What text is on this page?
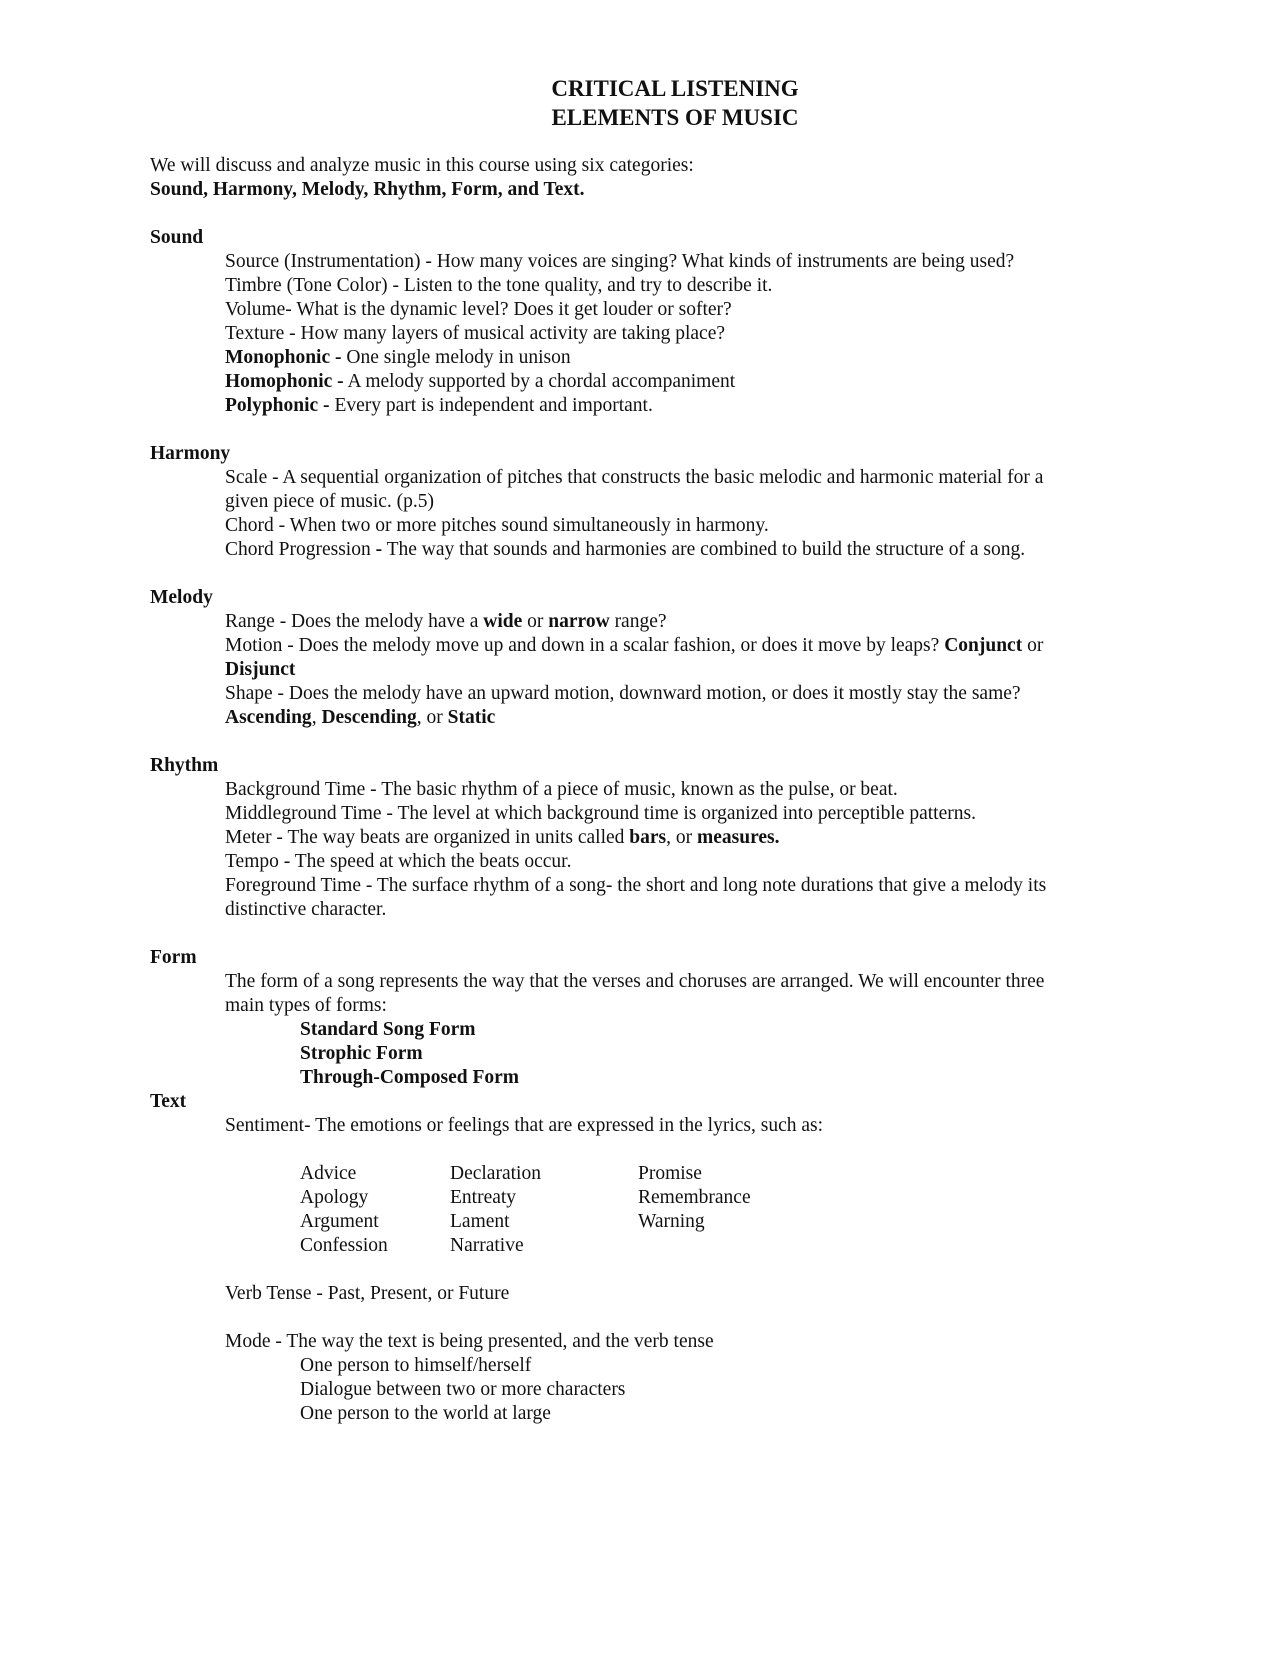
CRITICAL LISTENING
ELEMENTS OF MUSIC
We will discuss and analyze music in this course using six categories:
Sound, Harmony, Melody, Rhythm, Form, and Text.
Sound
Source (Instrumentation) - How many voices are singing? What kinds of instruments are being used?
Timbre (Tone Color) - Listen to the tone quality, and try to describe it.
Volume- What is the dynamic level? Does it get louder or softer?
Texture - How many layers of musical activity are taking place?
Monophonic - One single melody in unison
Homophonic - A melody supported by a chordal accompaniment
Polyphonic - Every part is independent and important.
Harmony
Scale - A sequential organization of pitches that constructs the basic melodic and harmonic material for a
given piece of music. (p.5)
Chord - When two or more pitches sound simultaneously in harmony.
Chord Progression - The way that sounds and harmonies are combined to build the structure of a song.
Melody
Range - Does the melody have a wide or narrow range?
Motion - Does the melody move up and down in a scalar fashion, or does it move by leaps? Conjunct or
Disjunct
Shape - Does the melody have an upward motion, downward motion, or does it mostly stay the same?
Ascending, Descending, or Static
Rhythm
Background Time - The basic rhythm of a piece of music, known as the pulse, or beat.
Middleground Time - The level at which background time is organized into perceptible patterns.
Meter - The way beats are organized in units called bars, or measures.
Tempo - The speed at which the beats occur.
Foreground Time - The surface rhythm of a song- the short and long note durations that give a melody its
distinctive character.
Form
The form of a song represents the way that the verses and choruses are arranged. We will encounter three
main types of forms:
Standard Song Form
Strophic Form
Through-Composed Form
Text
Sentiment- The emotions or feelings that are expressed in the lyrics, such as:
Advice
Apology
Argument
Confession
Declaration
Entreaty
Lament
Narrative
Promise
Remembrance
Warning
Verb Tense - Past, Present, or Future
Mode - The way the text is being presented, and the verb tense
One person to himself/herself
Dialogue between two or more characters
One person to the world at large
